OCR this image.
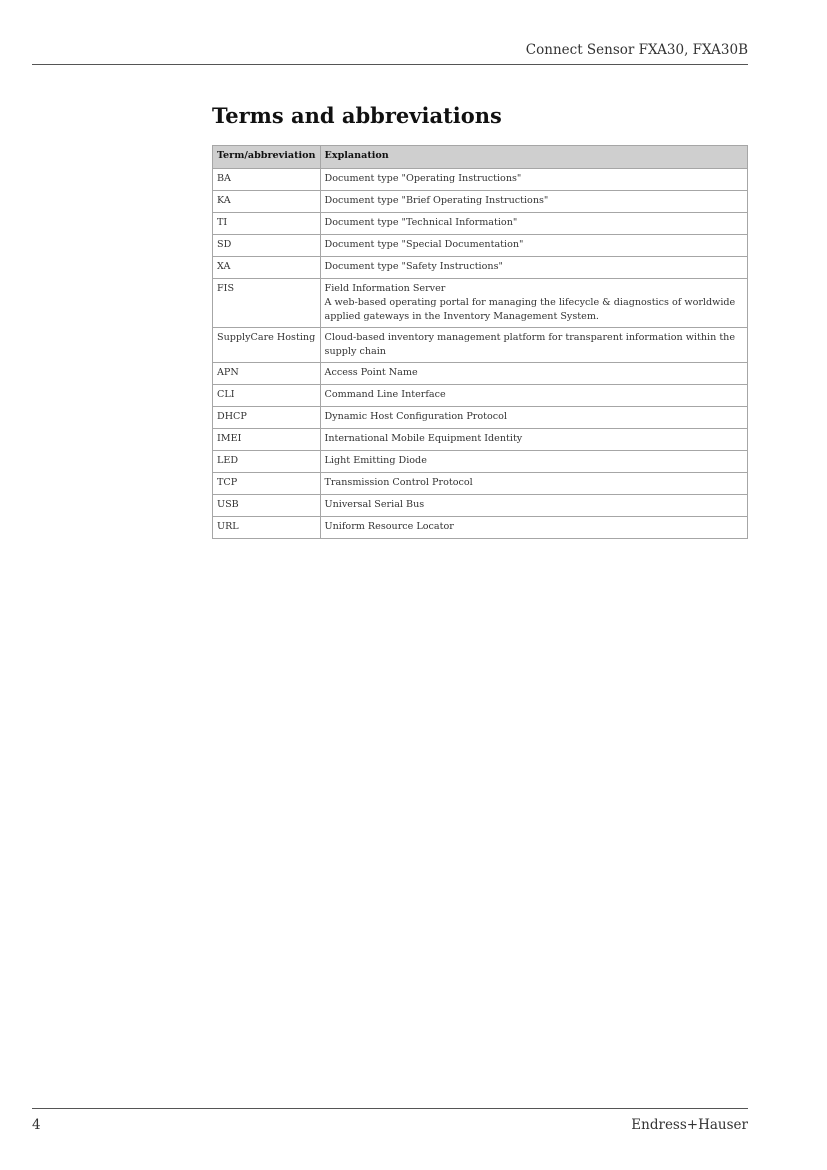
Connect Sensor FXA30, FXA30B
Terms and abbreviations
Term/abbreviation	Explanation
BA	Document type "Operating Instructions"

KA	Document type "Brief Operating Instructions"

TI	Document type "Technical Information"

SD	Document type "Special Documentation"

XA	Document type "Safety Instructions"

FIS	Field Information Server
A web-based operating portal for managing the lifecycle & diagnostics of worldwide applied gateways in the Inventory Management System.

SupplyCare Hosting	Cloud-based inventory management platform for transparent information within the supply chain

APN	Access Point Name

CLI	Command Line Interface

DHCP	Dynamic Host Configuration Protocol

IMEI	International Mobile Equipment Identity

LED	Light Emitting Diode

TCP	Transmission Control Protocol

USB	Universal Serial Bus

URL	Uniform Resource Locator
4	Endress+Hauser
